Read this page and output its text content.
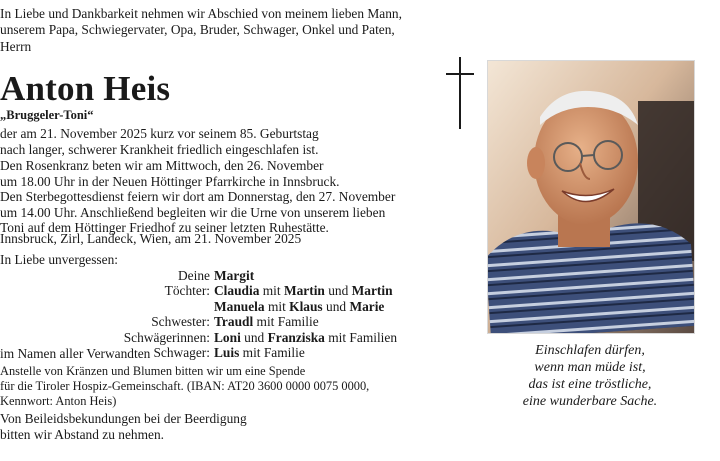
In Liebe und Dankbarkeit nehmen wir Abschied von meinem lieben Mann,
unserem Papa, Schwiegervater, Opa, Bruder, Schwager, Onkel und Paten,
Herrn
Anton Heis
„Bruggeler-Toni“
der am 21. November 2025 kurz vor seinem 85. Geburtstag
nach langer, schwerer Krankheit friedlich eingeschlafen ist.
Den Rosenkranz beten wir am Mittwoch, den 26. November
um 18.00 Uhr in der Neuen Höttinger Pfarrkirche in Innsbruck.
Den Sterbegottesdienst feiern wir dort am Donnerstag, den 27. November
um 14.00 Uhr. Anschließend begleiten wir die Urne von unserem lieben
Toni auf dem Höttinger Friedhof zu seiner letzten Ruhestätte.
Innsbruck, Zirl, Landeck, Wien, am 21. November 2025
In Liebe unvergessen:
Deine Margit
Töchter: Claudia mit Martin und Martin
Manuela mit Klaus und Marie
Schwester: Traudl mit Familie
Schwägerinnen: Loni und Franziska mit Familien
Schwager: Luis mit Familie
im Namen aller Verwandten
Anstelle von Kränzen und Blumen bitten wir um eine Spende
für die Tiroler Hospiz-Gemeinschaft. (IBAN: AT20 3600 0000 0075 0000,
Kennwort: Anton Heis)
Von Beileidsbekundungen bei der Beerdigung
bitten wir Abstand zu nehmen.
Einschlafen dürfen,
wenn man müde ist,
das ist eine tröstliche,
eine wunderbare Sache.
